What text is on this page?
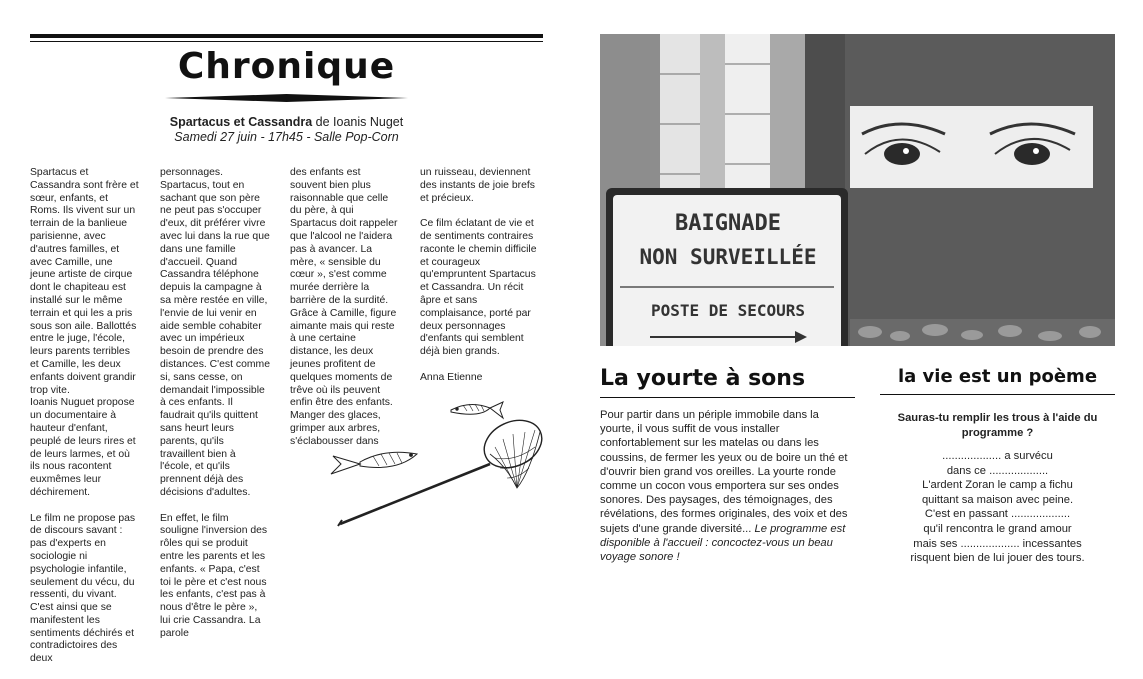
Chronique
Spartacus et Cassandra de Ioanis Nuget
Samedi 27 juin - 17h45 - Salle Pop-Corn

Spartacus et Cassandra sont frère et sœur, enfants, et Roms. Ils vivent sur un terrain de la banlieue parisienne, avec d'autres familles, et avec Camille, une jeune artiste de cirque dont le chapiteau est installé sur le même terrain et qui les a pris sous son aile. Ballottés entre le juge, l'école, leurs parents terribles et Camille, les deux enfants doivent grandir trop vite.

Ioanis Nuguet propose un documentaire à hauteur d'enfant, peuplé de leurs rires et de leurs larmes, et où ils nous racontent euxmêmes leur déchirement.

Le film ne propose pas de discours savant : pas d'experts en sociologie ni psychologie infantile, seulement du vécu, du ressenti, du vivant. C'est ainsi que se manifestent les sentiments déchirés et contradictoires des deux

personnages. Spartacus, tout en sachant que son père ne peut pas s'occuper d'eux, dit préférer vivre avec lui dans la rue que dans une famille d'accueil. Quand Cassandra téléphone depuis la campagne à sa mère restée en ville, l'envie de lui venir en aide semble cohabiter avec un impérieux besoin de prendre des distances. C'est comme si, sans cesse, on demandait l'impossible à ces enfants. Il faudrait qu'ils quittent sans heurt leurs parents, qu'ils travaillent bien à l'école, et qu'ils prennent déjà des décisions d'adultes.

En effet, le film souligne l'inversion des rôles qui se produit entre les parents et les enfants. « Papa, c'est toi le père et c'est nous les enfants, c'est pas à nous d'être le père », lui crie Cassandra. La parole

des enfants est souvent bien plus raisonnable que celle du père, à qui Spartacus doit rappeler que l'alcool ne l'aidera pas à avancer. La mère, « sensible du cœur », s'est comme murée derrière la barrière de la surdité. Grâce à Camille, figure aimante mais qui reste à une certaine distance, les deux jeunes profitent de quelques moments de trêve où ils peuvent enfin être des enfants. Manger des glaces, grimper aux arbres, s'éclabousser dans

un ruisseau, deviennent des instants de joie brefs et précieux.

Ce film éclatant de vie et de sentiments contraires raconte le chemin difficile et courageux qu'empruntent Spartacus et Cassandra. Un récit âpre et sans complaisance, porté par deux personnages d'enfants qui semblent déjà bien grands.

Anna Etienne

BAIGNADE
NON SURVEILLÉE
POSTE DE SECOURS
La yourte à sons
Pour partir dans un périple immobile dans la yourte, il vous suffit de vous installer confortablement sur les matelas ou dans les coussins, de fermer les yeux ou de boire un thé et d'ouvrir bien grand vos oreilles. La yourte ronde comme un cocon vous emportera sur ses ondes sonores. Des paysages, des témoignages, des révélations, des formes originales, des voix et des sujets d'une grande diversité... Le programme est disponible à l'accueil : concoctez-vous un beau voyage sonore !
la vie est un poème
Sauras-tu remplir les trous à l'aide du programme ?
................... a survécu
dans ce ...................
L'ardent Zoran le camp a fichu
quittant sa maison avec peine.
C'est en passant ...................
qu'il rencontra le grand amour
mais ses ................... incessantes
risquent bien de lui jouer des tours.
